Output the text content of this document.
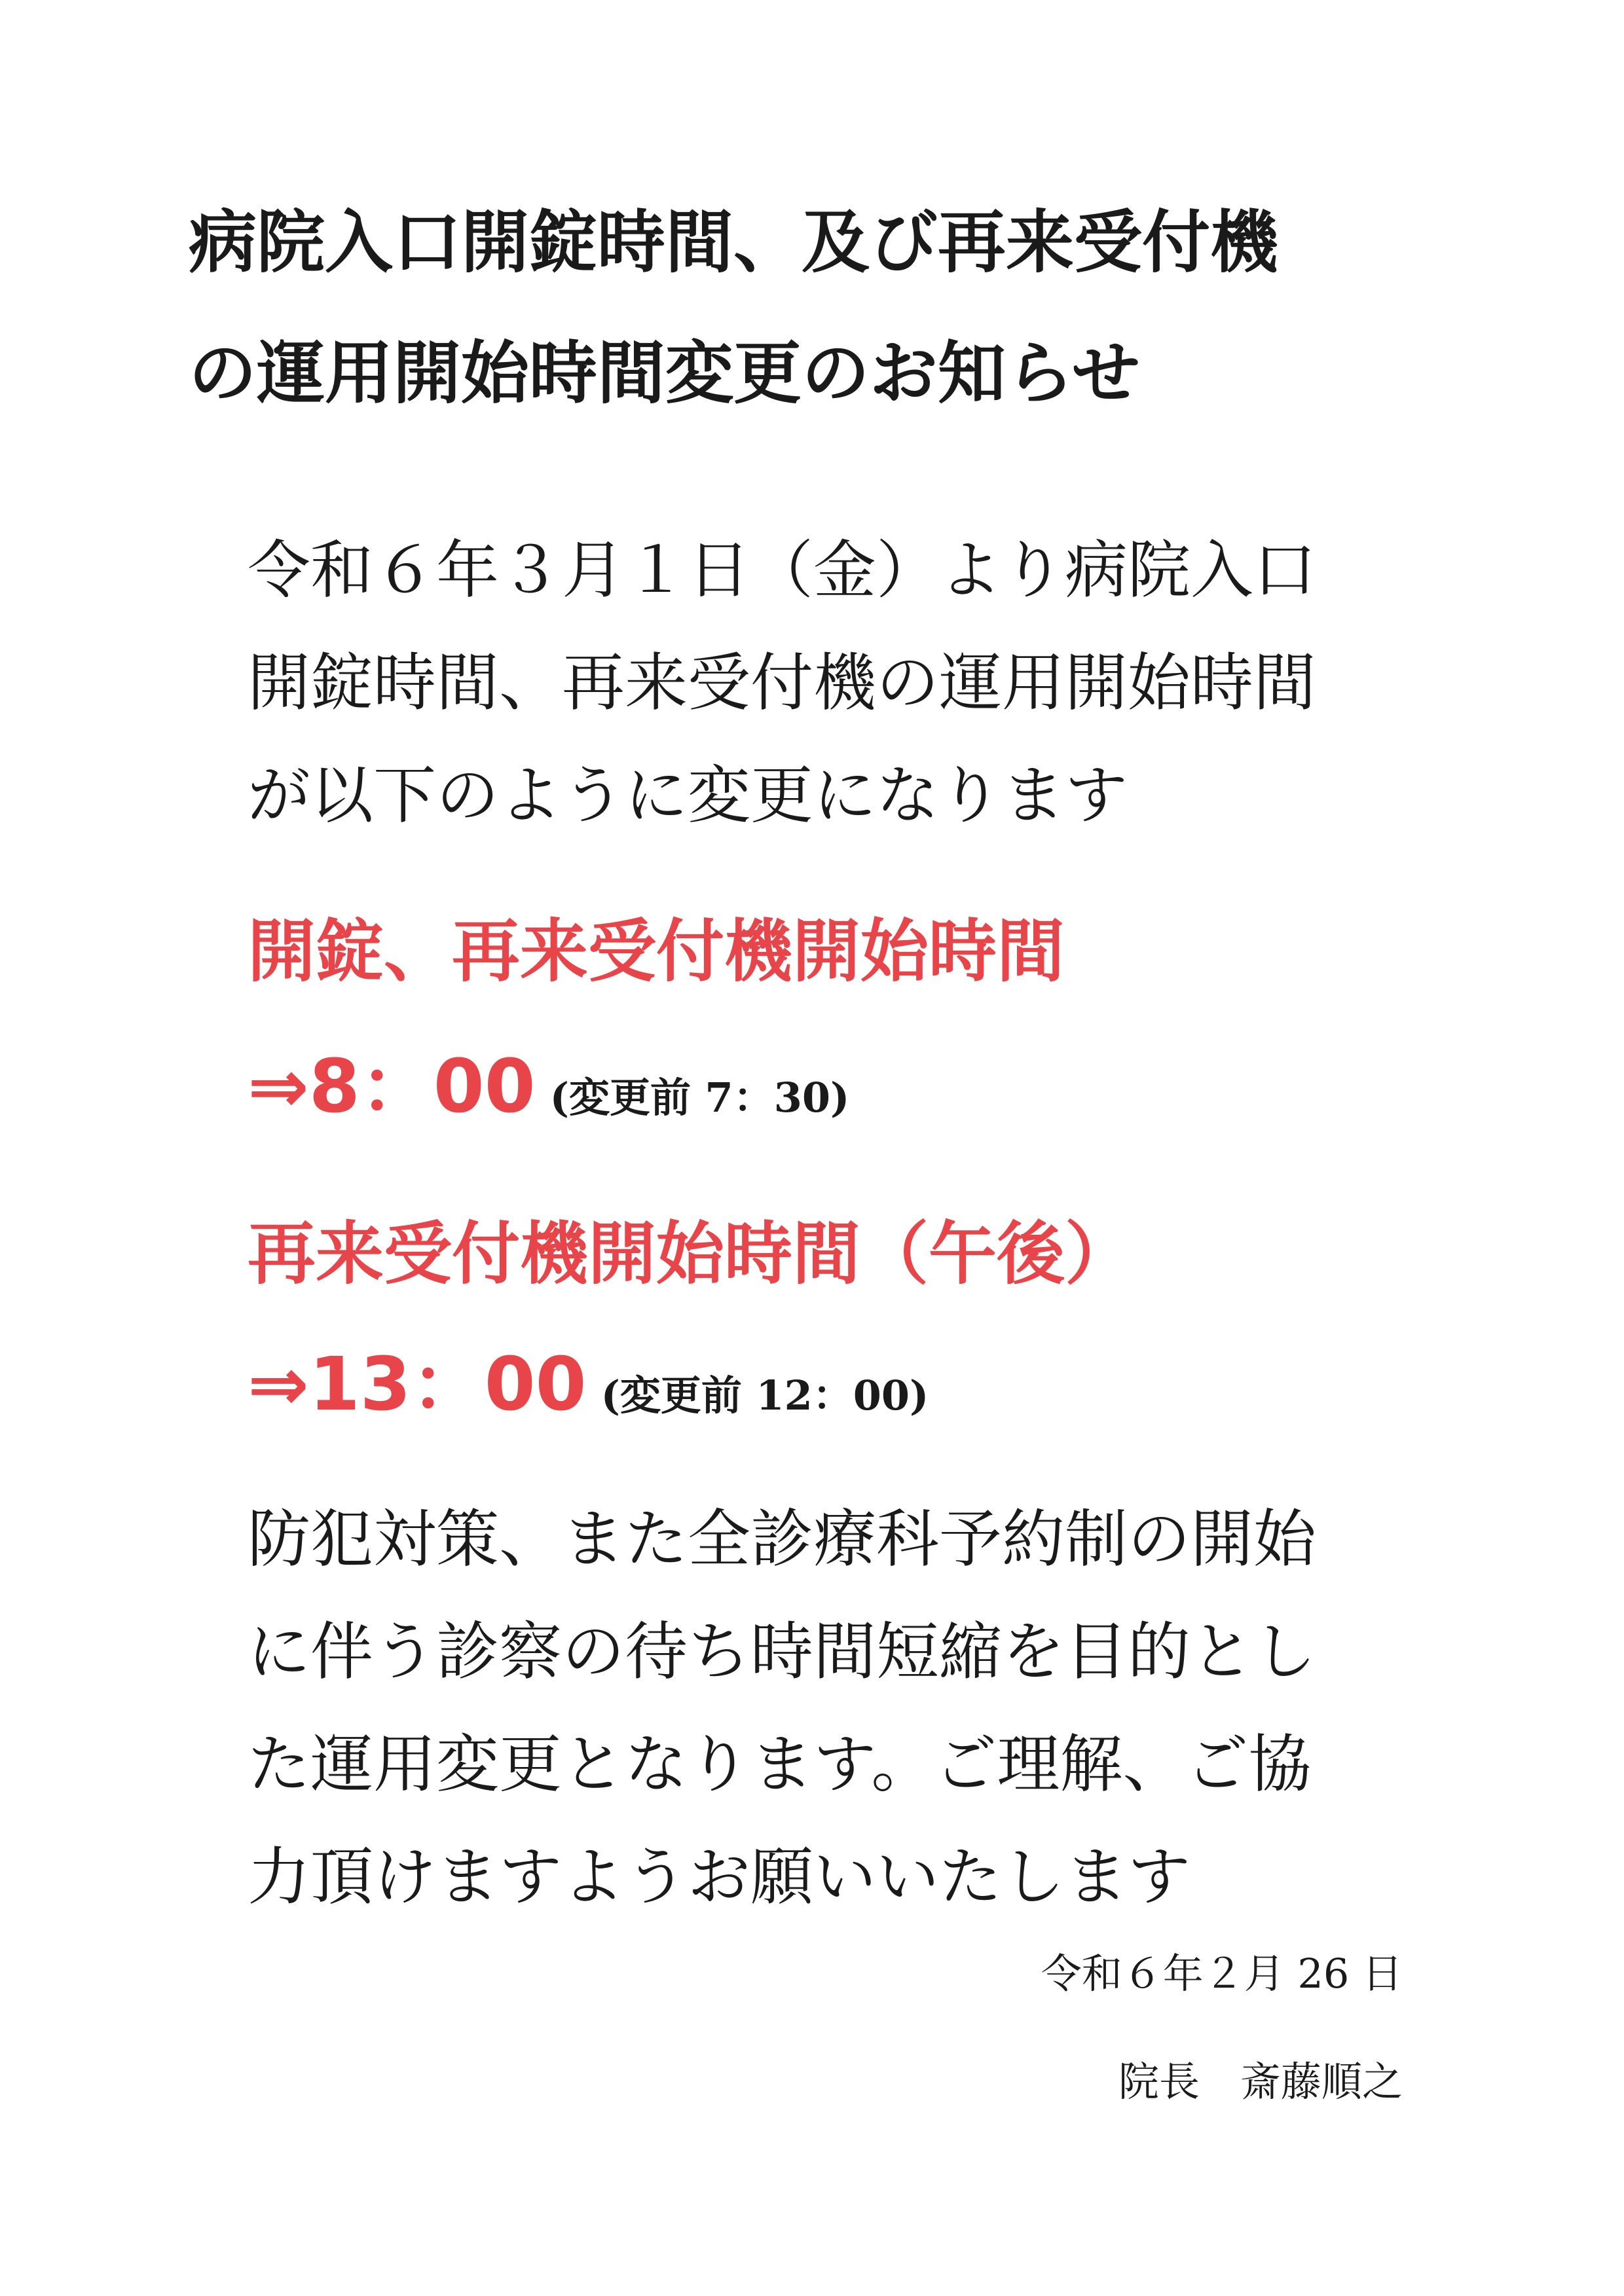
病院入口開錠時間、及び再来受付機
の運用開始時間変更のお知らせ
令和６年３月１日（金）より病院入口
開錠時間、再来受付機の運用開始時間
が以下のように変更になります
開錠、再来受付機開始時間
⇒8：00 (変更前 7：30)
再来受付機開始時間（午後）
⇒13：00 (変更前 12：00)
防犯対策、また全診療科予約制の開始
に伴う診察の待ち時間短縮を目的とし
た運用変更となります。ご理解、ご協
力頂けますようお願いいたします
令和６年２月 26 日
院長　斎藤順之
